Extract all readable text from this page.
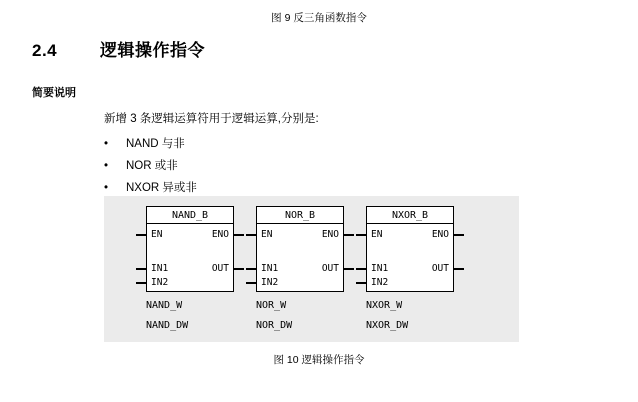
图 9 反三角函数指令
2.4	逻辑操作指令
简要说明
新增 3 条逻辑运算符用于逻辑运算,分别是:
•	NAND 与非
•	NOR 或非
•	NXOR 异或非
NAND_B
EN	ENO
IN1	OUT
IN2
NAND_W
NAND_DW
NOR_B
EN	ENO
IN1	OUT
IN2
NOR_W
NOR_DW
NXOR_B
EN	ENO
IN1	OUT
IN2
NXOR_W
NXOR_DW
图 10 逻辑操作指令
